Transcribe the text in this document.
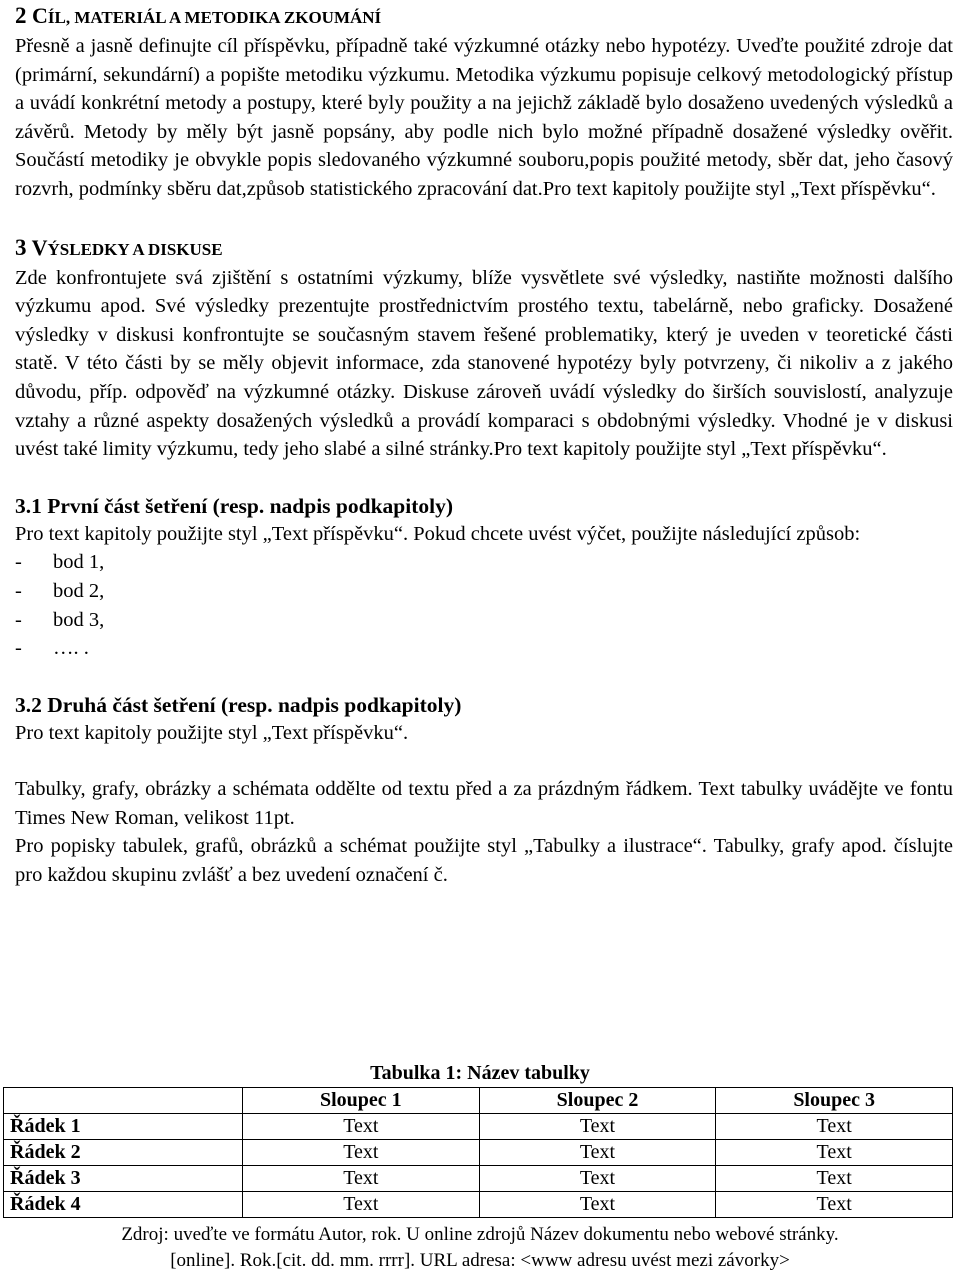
2 CÍL, MATERIÁL A METODIKA ZKOUMÁNÍ

Přesně a jasně definujte cíl příspěvku, případně také výzkumné otázky nebo hypotézy. Uveďte použité zdroje dat (primární, sekundární) a popište metodiku výzkumu. Metodika výzkumu popisuje celkový metodologický přístup a uvádí konkrétní metody a postupy, které byly použity a na jejichž základě bylo dosaženo uvedených výsledků a závěrů. Metody by měly být jasně popsány, aby podle nich bylo možné případně dosažené výsledky ověřit. Součástí metodiky je obvykle popis sledovaného výzkumné souboru,popis použité metody, sběr dat, jeho časový rozvrh, podmínky sběru dat,způsob statistického zpracování dat.Pro text kapitoly použijte styl „Text příspěvku“.

3 VÝSLEDKY A DISKUSE

Zde konfrontujete svá zjištění s ostatními výzkumy, blíže vysvětlete své výsledky, nastiňte možnosti dalšího výzkumu apod. Své výsledky prezentujte prostřednictvím prostého textu, tabelárně, nebo graficky. Dosažené výsledky v diskusi konfrontujte se současným stavem řešené problematiky, který je uveden v teoretické části statě. V této části by se měly objevit informace, zda stanovené hypotézy byly potvrzeny, či nikoliv a z jakého důvodu, příp. odpověď na výzkumné otázky. Diskuse zároveň uvádí výsledky do širších souvislostí, analyzuje vztahy a různé aspekty dosažených výsledků a provádí komparaci s obdobnými výsledky. Vhodné je v diskusi uvést také limity výzkumu, tedy jeho slabé a silné stránky.Pro text kapitoly použijte styl „Text příspěvku“.

3.1 První část šetření (resp. nadpis podkapitoly)

Pro text kapitoly použijte styl „Text příspěvku“. Pokud chcete uvést výčet, použijte následující způsob:

-	bod 1,
-	bod 2,
-	bod 3,
-	…. .
3.2 Druhá část šetření (resp. nadpis podkapitoly)

Pro text kapitoly použijte styl „Text příspěvku“.

Tabulky, grafy, obrázky a schémata oddělte od textu před a za prázdným řádkem. Text tabulky uvádějte ve fontu Times New Roman, velikost 11pt.

Pro popisky tabulek, grafů, obrázků a schémat použijte styl „Tabulky a ilustrace“. Tabulky, grafy apod. číslujte pro každou skupinu zvlášť a bez uvedení označení č.

Tabulka 1: Název tabulky

	Sloupec 1	Sloupec 2	Sloupec 3
Řádek 1	Text	Text	Text
Řádek 2	Text	Text	Text
Řádek 3	Text	Text	Text
Řádek 4	Text	Text	Text
Zdroj: uveďte ve formátu Autor, rok. U online zdrojů Název dokumentu nebo webové stránky.
[online]. Rok.[cit. dd. mm. rrrr]. URL adresa: <www adresu uvést mezi závorky>
